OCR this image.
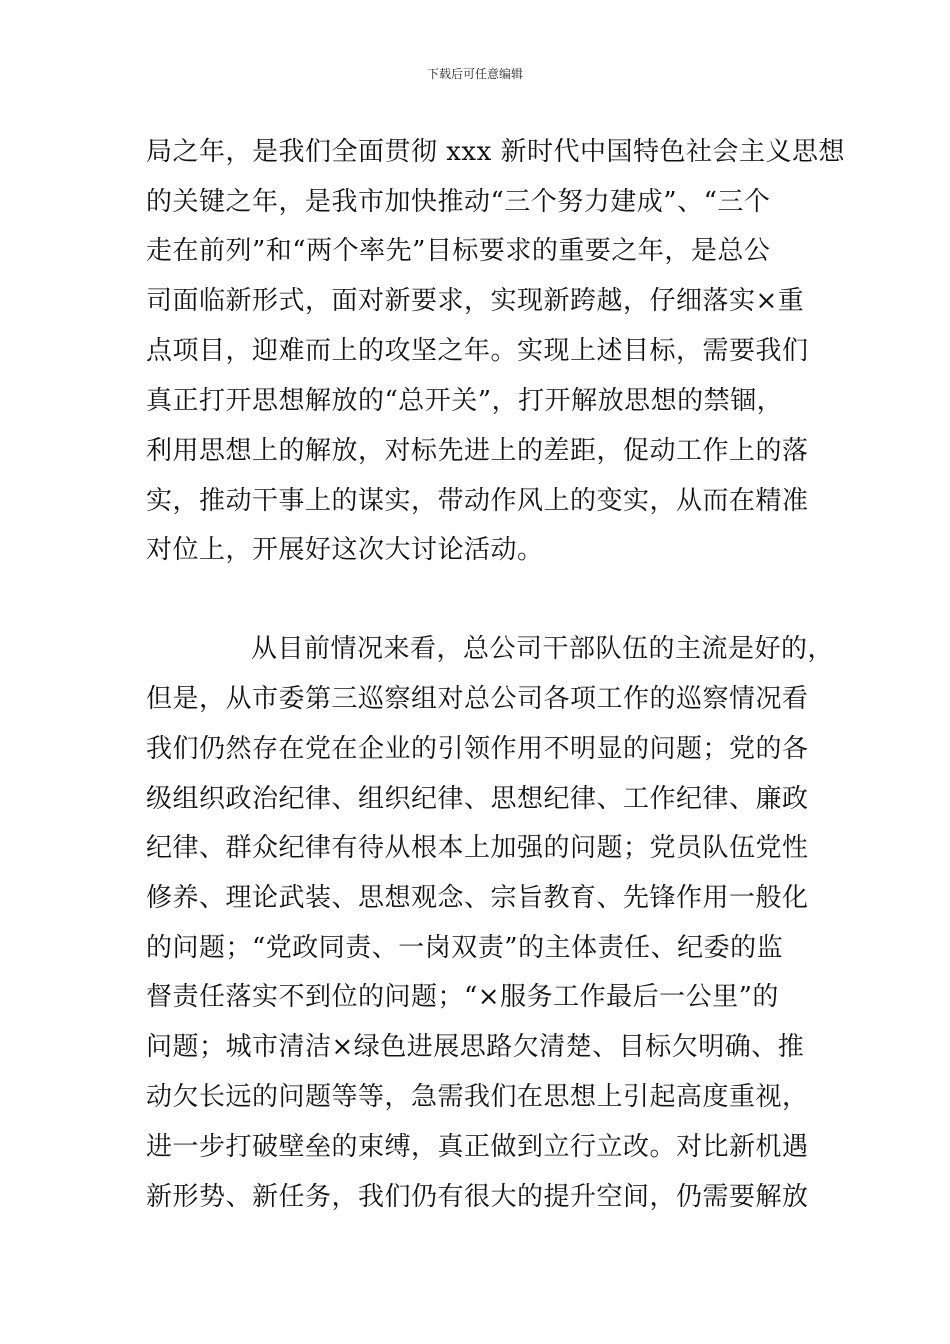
下载后可任意编辑
局之年，是我们全面贯彻 xxx 新时代中国特色社会主义思想
的关键之年，是我市加快推动“三个努力建成”、“三个
走在前列”和“两个率先”目标要求的重要之年，是总公
司面临新形式，面对新要求，实现新跨越，仔细落实×重
点项目，迎难而上的攻坚之年。实现上述目标，需要我们
真正打开思想解放的“总开关”，打开解放思想的禁锢，
利用思想上的解放，对标先进上的差距，促动工作上的落
实，推动干事上的谋实，带动作风上的变实，从而在精准
对位上，开展好这次大讨论活动。
从目前情况来看，总公司干部队伍的主流是好的，
但是，从市委第三巡察组对总公司各项工作的巡察情况看
我们仍然存在党在企业的引领作用不明显的问题；党的各
级组织政治纪律、组织纪律、思想纪律、工作纪律、廉政
纪律、群众纪律有待从根本上加强的问题；党员队伍党性
修养、理论武装、思想观念、宗旨教育、先锋作用一般化
的问题；“党政同责、一岗双责”的主体责任、纪委的监
督责任落实不到位的问题；“×服务工作最后一公里”的
问题；城市清洁×绿色进展思路欠清楚、目标欠明确、推
动欠长远的问题等等，急需我们在思想上引起高度重视，
进一步打破壁垒的束缚，真正做到立行立改。对比新机遇
新形势、新任务，我们仍有很大的提升空间，仍需要解放
